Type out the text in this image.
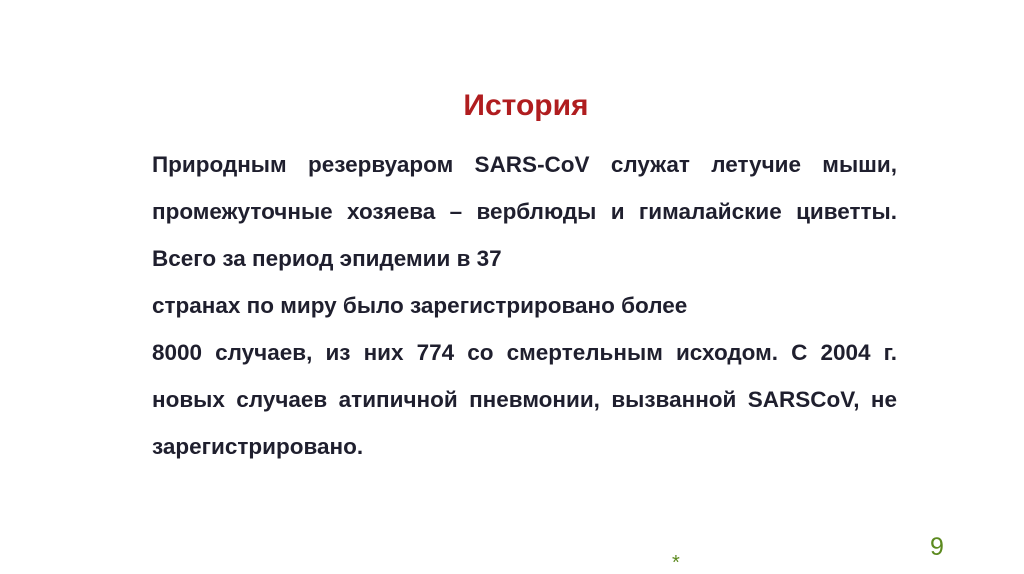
История

Природным резервуаром SARS-CoV служат летучие мыши, промежуточные хозяева – верблюды и гималайские циветты. Всего за период эпидемии в 37

странах по миру было зарегистрировано более

8000 случаев, из них 774 со смертельным исходом. С 2004 г. новых случаев атипичной пневмонии, вызванной SARSCoV, не зарегистрировано.

*
9
